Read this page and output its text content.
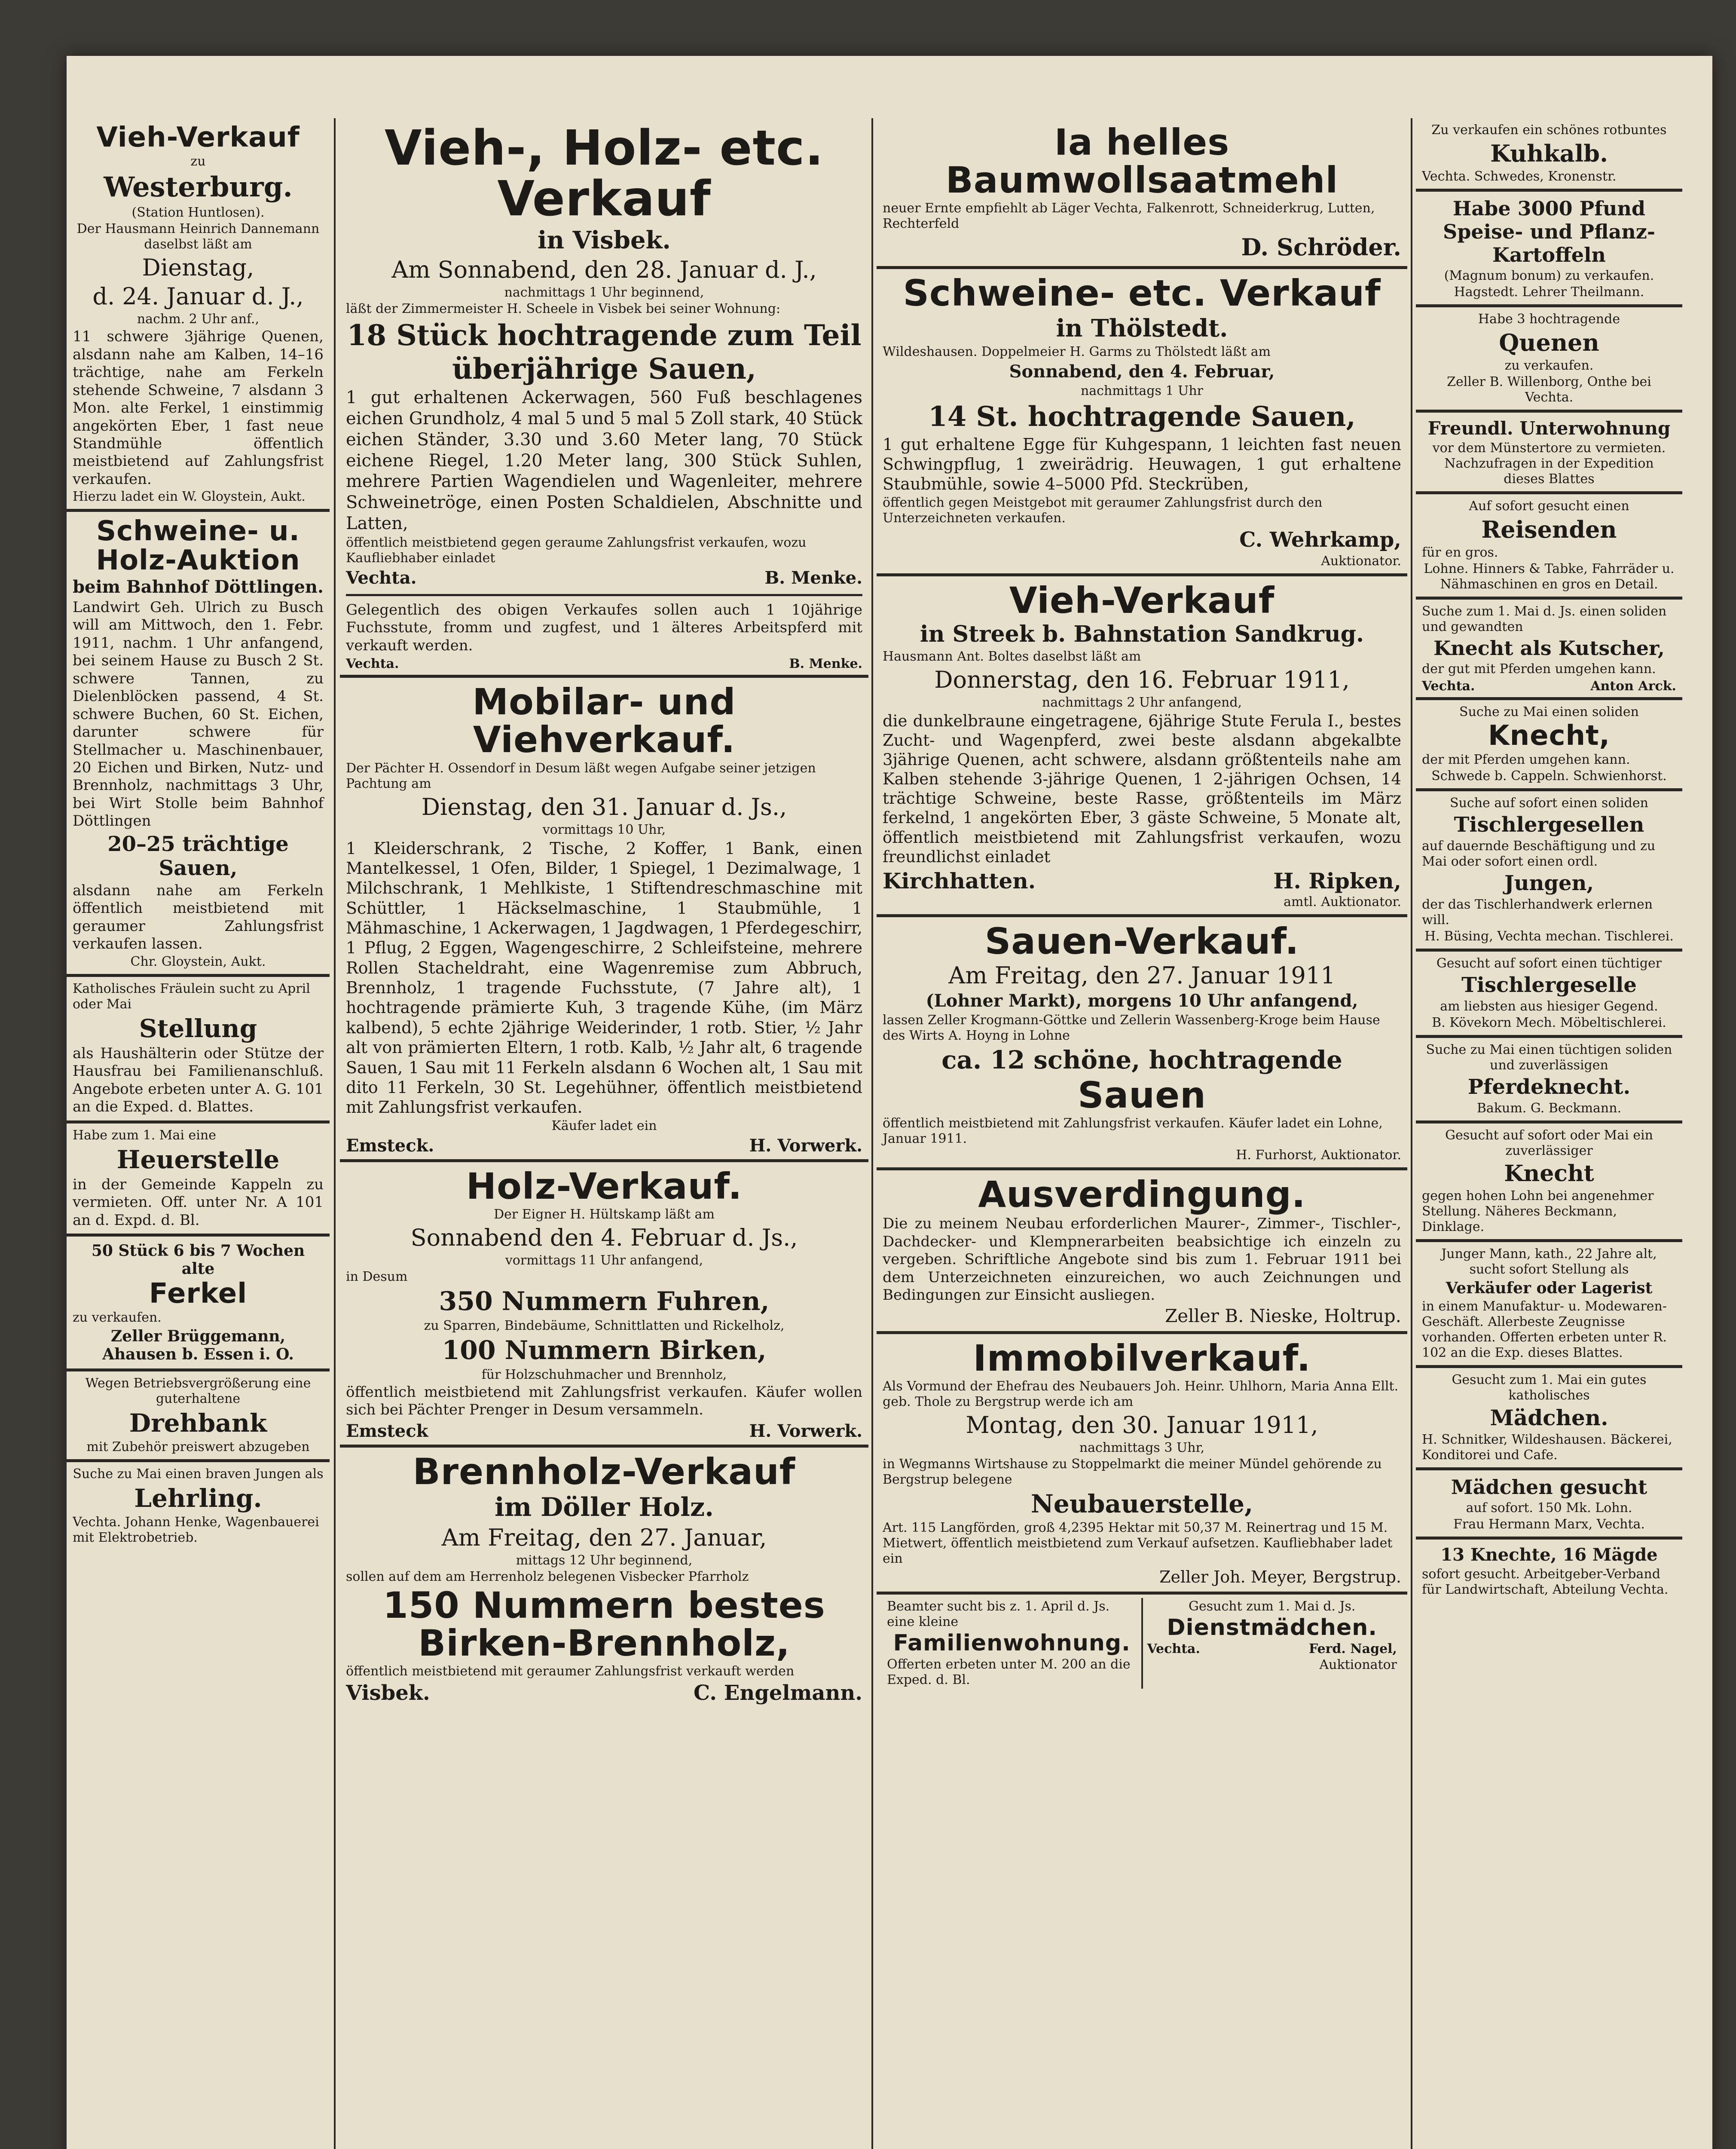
Vieh-Verkauf
zu
Westerburg.
(Station Huntlosen).
Der Hausmann Heinrich Dannemann daselbst läßt am
Dienstag,
d. 24. Januar d. J.,
nachm. 2 Uhr anf.,
11 schwere 3jährige Quenen, alsdann nahe am Kalben, 14–16 trächtige, nahe am Ferkeln stehende Schweine, 7 alsdann 3 Mon. alte Ferkel, 1 einstimmig angekörten Eber, 1 fast neue Standmühle öffentlich meistbietend auf Zahlungsfrist verkaufen.
Hierzu ladet ein W. Gloystein, Aukt.
Schweine- u. Holz-Auktion
beim Bahnhof Döttlingen.
Landwirt Geh. Ulrich zu Busch will am Mittwoch, den 1. Febr. 1911, nachm. 1 Uhr anfangend, bei seinem Hause zu Busch 2 St. schwere Tannen, zu Dielenblöcken passend, 4 St. schwere Buchen, 60 St. Eichen, darunter schwere für Stellmacher u. Maschinenbauer, 20 Eichen und Birken, Nutz- und Brennholz, nachmittags 3 Uhr, bei Wirt Stolle beim Bahnhof Döttlingen
20–25 trächtige Sauen,
alsdann nahe am Ferkeln öffentlich meistbietend mit geraumer Zahlungsfrist verkaufen lassen.
Chr. Gloystein, Aukt.
Katholisches Fräulein sucht zu April oder Mai
Stellung
als Haushälterin oder Stütze der Hausfrau bei Familienanschluß. Angebote erbeten unter A. G. 101 an die Exped. d. Blattes.
Habe zum 1. Mai eine
Heuerstelle
in der Gemeinde Kappeln zu vermieten. Off. unter Nr. A 101 an d. Expd. d. Bl.
50 Stück 6 bis 7 Wochen alte
Ferkel
zu verkaufen.
Zeller Brüggemann, Ahausen b. Essen i. O.
Wegen Betriebsvergrößerung eine guterhaltene
Drehbank
mit Zubehör preiswert abzugeben
Suche zu Mai einen braven Jungen als
Lehrling.
Vechta. Johann Henke, Wagenbauerei mit Elektrobetrieb.
Vieh-, Holz- etc. Verkauf
in Visbek.
Am Sonnabend, den 28. Januar d. J.,
nachmittags 1 Uhr beginnend,
läßt der Zimmermeister H. Scheele in Visbek bei seiner Wohnung:
18 Stück hochtragende zum Teil überjährige Sauen,
1 gut erhaltenen Ackerwagen, 560 Fuß beschlagenes eichen Grundholz, 4 mal 5 und 5 mal 5 Zoll stark, 40 Stück eichen Ständer, 3.30 und 3.60 Meter lang, 70 Stück eichene Riegel, 1.20 Meter lang, 300 Stück Suhlen, mehrere Partien Wagendielen und Wagenleiter, mehrere Schweinetröge, einen Posten Schaldielen, Abschnitte und Latten,
öffentlich meistbietend gegen geraume Zahlungsfrist verkaufen, wozu Kaufliebhaber einladet
Vechta.	B. Menke.
Gelegentlich des obigen Verkaufes sollen auch 1 10jährige Fuchsstute, fromm und zugfest, und 1 älteres Arbeitspferd mit verkauft werden.
Vechta.	B. Menke.
Mobilar- und Viehverkauf.
Der Pächter H. Ossendorf in Desum läßt wegen Aufgabe seiner jetzigen Pachtung am
Dienstag, den 31. Januar d. Js.,
vormittags 10 Uhr,
1 Kleiderschrank, 2 Tische, 2 Koffer, 1 Bank, einen Mantelkessel, 1 Ofen, Bilder, 1 Spiegel, 1 Dezimalwage, 1 Milchschrank, 1 Mehlkiste, 1 Stiftendreschmaschine mit Schüttler, 1 Häckselmaschine, 1 Staubmühle, 1 Mähmaschine, 1 Ackerwagen, 1 Jagdwagen, 1 Pferdegeschirr, 1 Pflug, 2 Eggen, Wagengeschirre, 2 Schleifsteine, mehrere Rollen Stacheldraht, eine Wagenremise zum Abbruch, Brennholz, 1 tragende Fuchsstute, (7 Jahre alt), 1 hochtragende prämierte Kuh, 3 tragende Kühe, (im März kalbend), 5 echte 2jährige Weiderinder, 1 rotb. Stier, ½ Jahr alt von prämierten Eltern, 1 rotb. Kalb, ½ Jahr alt, 6 tragende Sauen, 1 Sau mit 11 Ferkeln alsdann 6 Wochen alt, 1 Sau mit dito 11 Ferkeln, 30 St. Legehühner, öffentlich meistbietend mit Zahlungsfrist verkaufen.
Käufer ladet ein
Emsteck.	H. Vorwerk.
Holz-Verkauf.
Der Eigner H. Hültskamp läßt am
Sonnabend den 4. Februar d. Js.,
vormittags 11 Uhr anfangend,
in Desum
350 Nummern Fuhren,
zu Sparren, Bindebäume, Schnittlatten und Rickelholz,
100 Nummern Birken,
für Holzschuhmacher und Brennholz,
öffentlich meistbietend mit Zahlungsfrist verkaufen. Käufer wollen sich bei Pächter Prenger in Desum versammeln.
Emsteck	H. Vorwerk.
Brennholz-Verkauf
im Döller Holz.
Am Freitag, den 27. Januar,
mittags 12 Uhr beginnend,
sollen auf dem am Herrenholz belegenen Visbecker Pfarrholz
150 Nummern bestes Birken-Brennholz,
öffentlich meistbietend mit geraumer Zahlungsfrist verkauft werden
Visbek.	C. Engelmann.
Ia helles Baumwollsaatmehl
neuer Ernte empfiehlt ab Läger Vechta, Falkenrott, Schneiderkrug, Lutten, Rechterfeld
D. Schröder.
Schweine- etc. Verkauf
in Thölstedt.
Wildeshausen. Doppelmeier H. Garms zu Thölstedt läßt am
Sonnabend, den 4. Februar,
nachmittags 1 Uhr
14 St. hochtragende Sauen,
1 gut erhaltene Egge für Kuhgespann, 1 leichten fast neuen Schwingpflug, 1 zweirädrig. Heuwagen, 1 gut erhaltene Staubmühle, sowie 4–5000 Pfd. Steckrüben,
öffentlich gegen Meistgebot mit geraumer Zahlungsfrist durch den Unterzeichneten verkaufen.
C. Wehrkamp,
Auktionator.
Vieh-Verkauf
in Streek b. Bahnstation Sandkrug.
Hausmann Ant. Boltes daselbst läßt am
Donnerstag, den 16. Februar 1911,
nachmittags 2 Uhr anfangend,
die dunkelbraune eingetragene, 6jährige Stute Ferula I., bestes Zucht- und Wagenpferd, zwei beste alsdann abgekalbte 3jährige Quenen, acht schwere, alsdann größtenteils nahe am Kalben stehende 3-jährige Quenen, 1 2-jährigen Ochsen, 14 trächtige Schweine, beste Rasse, größtenteils im März ferkelnd, 1 angekörten Eber, 3 gäste Schweine, 5 Monate alt, öffentlich meistbietend mit Zahlungsfrist verkaufen, wozu freundlichst einladet
Kirchhatten.	H. Ripken,
amtl. Auktionator.
Sauen-Verkauf.
Am Freitag, den 27. Januar 1911
(Lohner Markt), morgens 10 Uhr anfangend,
lassen Zeller Krogmann-Göttke und Zellerin Wassenberg-Kroge beim Hause des Wirts A. Hoyng in Lohne
ca. 12 schöne, hochtragende
Sauen
öffentlich meistbietend mit Zahlungsfrist verkaufen. Käufer ladet ein Lohne, Januar 1911.
H. Furhorst, Auktionator.
Ausverdingung.
Die zu meinem Neubau erforderlichen Maurer-, Zimmer-, Tischler-, Dachdecker- und Klempnerarbeiten beabsichtige ich einzeln zu vergeben. Schriftliche Angebote sind bis zum 1. Februar 1911 bei dem Unterzeichneten einzureichen, wo auch Zeichnungen und Bedingungen zur Einsicht ausliegen.
Zeller B. Nieske, Holtrup.
Immobilverkauf.
Als Vormund der Ehefrau des Neubauers Joh. Heinr. Uhlhorn, Maria Anna Ellt. geb. Thole zu Bergstrup werde ich am
Montag, den 30. Januar 1911,
nachmittags 3 Uhr,
in Wegmanns Wirtshause zu Stoppelmarkt die meiner Mündel gehörende zu Bergstrup belegene
Neubauerstelle,
Art. 115 Langförden, groß 4,2395 Hektar mit 50,37 M. Reinertrag und 15 M. Mietwert, öffentlich meistbietend zum Verkauf aufsetzen. Kaufliebhaber ladet ein
Zeller Joh. Meyer, Bergstrup.
Beamter sucht bis z. 1. April d. Js. eine kleine
Familienwohnung.
Offerten erbeten unter M. 200 an die Exped. d. Bl.
Gesucht zum 1. Mai d. Js.
Dienstmädchen.
Vechta.	Ferd. Nagel,
Auktionator
Zu verkaufen ein schönes rotbuntes
Kuhkalb.
Vechta. Schwedes, Kronenstr.
Habe 3000 Pfund Speise- und Pflanz-Kartoffeln
(Magnum bonum) zu verkaufen.
Hagstedt. Lehrer Theilmann.
Habe 3 hochtragende
Quenen
zu verkaufen.
Zeller B. Willenborg, Onthe bei Vechta.
Freundl. Unterwohnung
vor dem Münstertore zu vermieten. Nachzufragen in der Expedition dieses Blattes
Auf sofort gesucht einen
Reisenden
für en gros.
Lohne. Hinners & Tabke, Fahrräder u. Nähmaschinen en gros en Detail.
Suche zum 1. Mai d. Js. einen soliden und gewandten
Knecht als Kutscher,
der gut mit Pferden umgehen kann.
Vechta.	Anton Arck.
Suche zu Mai einen soliden
Knecht,
der mit Pferden umgehen kann.
Schwede b. Cappeln. Schwienhorst.
Suche auf sofort einen soliden
Tischlergesellen
auf dauernde Beschäftigung und zu Mai oder sofort einen ordl.
Jungen,
der das Tischlerhandwerk erlernen will.
H. Büsing, Vechta mechan. Tischlerei.
Gesucht auf sofort einen tüchtiger
Tischlergeselle
am liebsten aus hiesiger Gegend.
B. Kövekorn Mech. Möbeltischlerei.
Suche zu Mai einen tüchtigen soliden und zuverlässigen
Pferdeknecht.
Bakum. G. Beckmann.
Gesucht auf sofort oder Mai ein zuverlässiger
Knecht
gegen hohen Lohn bei angenehmer Stellung. Näheres Beckmann, Dinklage.
Junger Mann, kath., 22 Jahre alt, sucht sofort Stellung als
Verkäufer oder Lagerist
in einem Manufaktur- u. Modewaren-Geschäft. Allerbeste Zeugnisse vorhanden. Offerten erbeten unter R. 102 an die Exp. dieses Blattes.
Gesucht zum 1. Mai ein gutes katholisches
Mädchen.
H. Schnitker, Wildeshausen. Bäckerei, Konditorei und Cafe.
Mädchen gesucht
auf sofort. 150 Mk. Lohn.
Frau Hermann Marx, Vechta.
13 Knechte, 16 Mägde
sofort gesucht. Arbeitgeber-Verband für Landwirtschaft, Abteilung Vechta.
